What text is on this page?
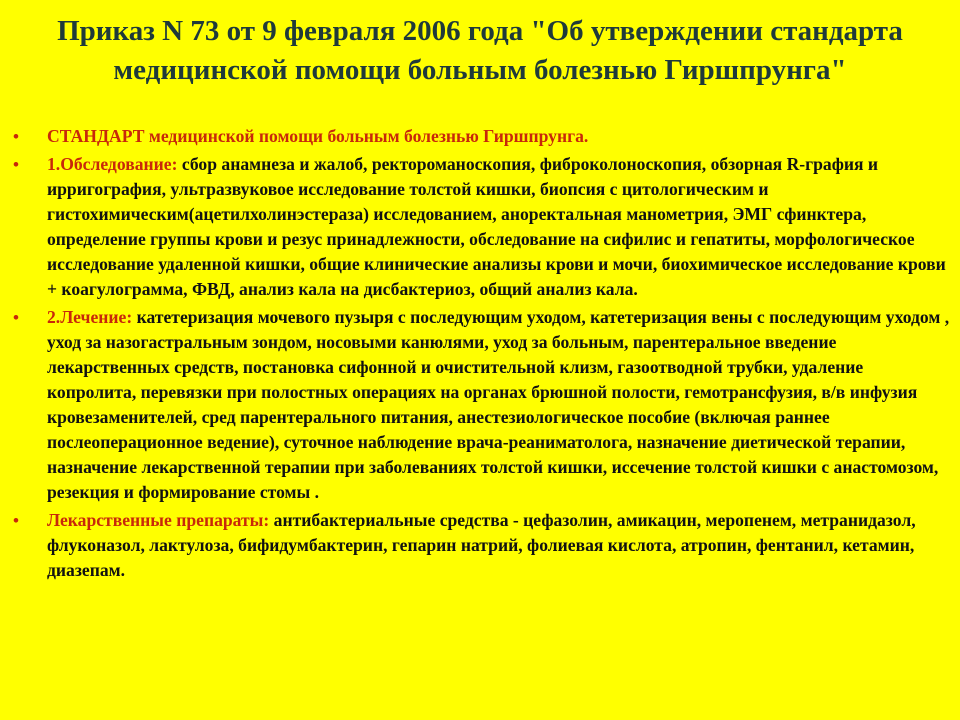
Приказ N 73 от 9 февраля 2006 года "Об утверждении стандарта медицинской помощи больным болезнью Гиршпрунга"
• СТАНДАРТ медицинской помощи больным болезнью Гиршпрунга.
• 1.Обследование: сбор анамнеза и жалоб, ректороманоскопия, фиброколоноскопия, обзорная R-графия и ирригография, ультразвуковое исследование толстой кишки, биопсия с цитологическим и гистохимическим(ацетилхолинэстераза) исследованием, аноректальная манометрия, ЭМГ сфинктера, определение группы крови и резус принадлежности, обследование на сифилис и гепатиты, морфологическое исследование удаленной кишки, общие клинические анализы крови и мочи, биохимическое исследование крови + коагулограмма, ФВД, анализ кала на дисбактериоз, общий анализ кала.
• 2.Лечение: катетеризация мочевого пузыря с последующим уходом, катетеризация вены с последующим уходом , уход за назогастральным зондом, носовыми канюлями, уход за больным, парентеральное введение лекарственных средств, постановка сифонной и очистительной клизм, газоотводной трубки, удаление копролита, перевязки при полостных операциях на органах брюшной полости, гемотрансфузия, в/в инфузия кровезаменителей, сред парентерального питания, анестезиологическое пособие (включая раннее послеоперационное ведение), суточное наблюдение врача-реаниматолога, назначение диетической терапии, назначение лекарственной терапии при заболеваниях толстой кишки, иссечение толстой кишки с анастомозом, резекция и формирование стомы .
• Лекарственные препараты: антибактериальные средства - цефазолин, амикацин, меропенем, метранидазол, флуконазол, лактулоза, бифидумбактерин, гепарин натрий, фолиевая кислота, атропин, фентанил, кетамин, диазепам.
